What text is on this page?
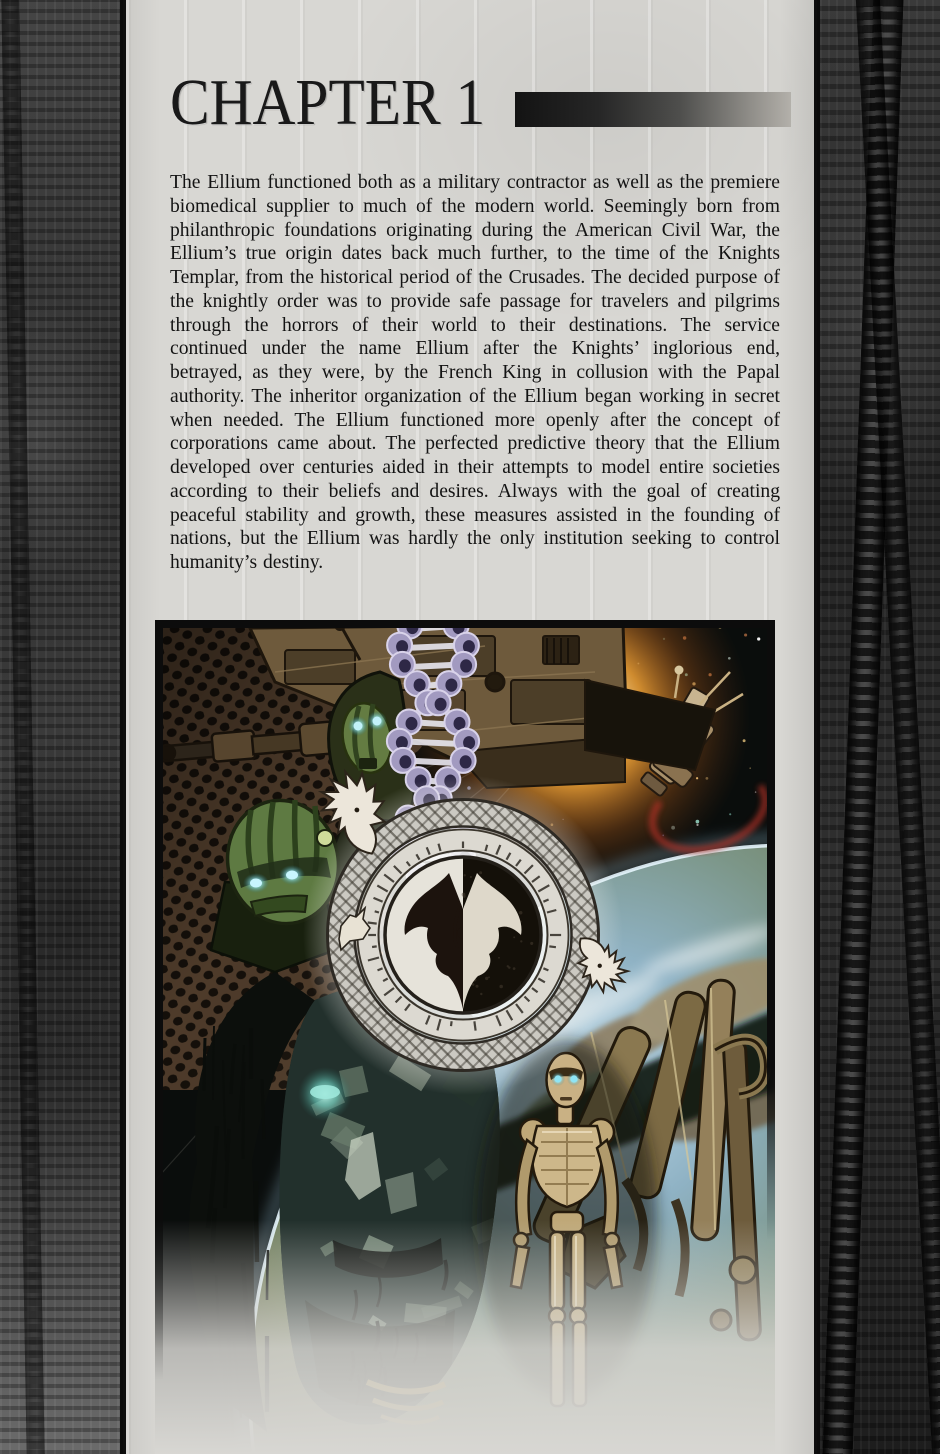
CHAPTER 1

The Ellium functioned both as a military contractor as well as the premiere biomedical supplier to much of the modern world. Seemingly born from philanthropic foundations originating during the American Civil War, the Ellium’s true origin dates back much further, to the time of the Knights Templar, from the historical period of the Crusades. The decided purpose of the knightly order was to provide safe passage for travelers and pilgrims through the horrors of their world to their destinations. The service continued under the name Ellium after the Knights’ inglorious end, betrayed, as they were, by the French King in collusion with the Papal authority. The inheritor organization of the Ellium began working in secret when needed. The Ellium functioned more openly after the concept of corporations came about. The perfected predictive theory that the Ellium developed over centuries aided in their attempts to model entire societies according to their beliefs and desires. Always with the goal of creating peaceful stability and growth, these measures assisted in the founding of nations, but the Ellium was hardly the only institution seeking to control humanity’s destiny.
